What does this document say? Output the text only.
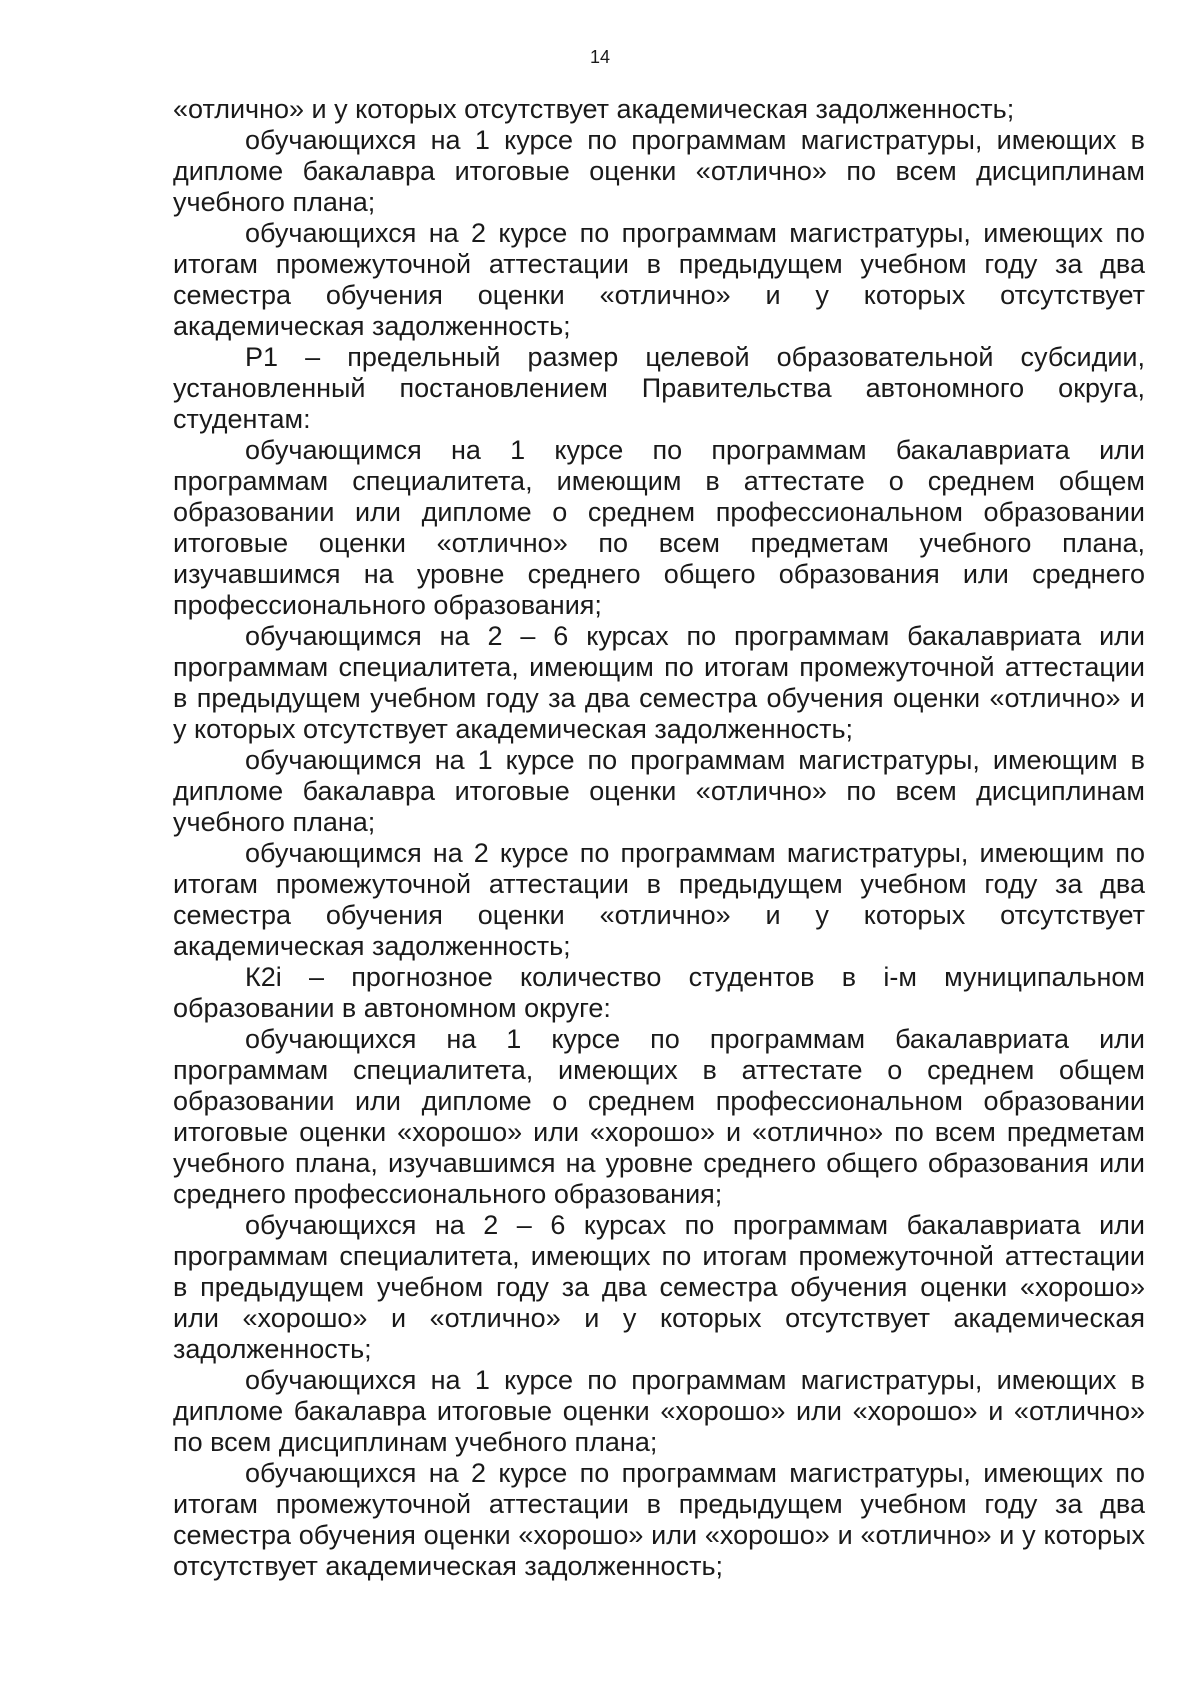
14

«отлично» и у которых отсутствует академическая задолженность;

обучающихся на 1 курсе по программам магистратуры, имеющих в дипломе бакалавра итоговые оценки «отлично» по всем дисциплинам учебного плана;

обучающихся на 2 курсе по программам магистратуры, имеющих по итогам промежуточной аттестации в предыдущем учебном году за два семестра обучения оценки «отлично» и у которых отсутствует академическая задолженность;

P1 – предельный размер целевой образовательной субсидии, установленный постановлением Правительства автономного округа, студентам:

обучающимся на 1 курсе по программам бакалавриата или программам специалитета, имеющим в аттестате о среднем общем образовании или дипломе о среднем профессиональном образовании итоговые оценки «отлично» по всем предметам учебного плана, изучавшимся на уровне среднего общего образования или среднего профессионального образования;

обучающимся на 2 – 6 курсах по программам бакалавриата или программам специалитета, имеющим по итогам промежуточной аттестации в предыдущем учебном году за два семестра обучения оценки «отлично» и у которых отсутствует академическая задолженность;

обучающимся на 1 курсе по программам магистратуры, имеющим в дипломе бакалавра итоговые оценки «отлично» по всем дисциплинам учебного плана;

обучающимся на 2 курсе по программам магистратуры, имеющим по итогам промежуточной аттестации в предыдущем учебном году за два семестра обучения оценки «отлично» и у которых отсутствует академическая задолженность;

К2i – прогнозное количество студентов в i-м муниципальном образовании в автономном округе:

обучающихся на 1 курсе по программам бакалавриата или программам специалитета, имеющих в аттестате о среднем общем образовании или дипломе о среднем профессиональном образовании итоговые оценки «хорошо» или «хорошо» и «отлично» по всем предметам учебного плана, изучавшимся на уровне среднего общего образования или среднего профессионального образования;

обучающихся на 2 – 6 курсах по программам бакалавриата или программам специалитета, имеющих по итогам промежуточной аттестации в предыдущем учебном году за два семестра обучения оценки «хорошо» или «хорошо» и «отлично» и у которых отсутствует академическая задолженность;

обучающихся на 1 курсе по программам магистратуры, имеющих в дипломе бакалавра итоговые оценки «хорошо» или «хорошо» и «отлично» по всем дисциплинам учебного плана;

обучающихся на 2 курсе по программам магистратуры, имеющих по итогам промежуточной аттестации в предыдущем учебном году за два семестра обучения оценки «хорошо» или «хорошо» и «отлично» и у которых отсутствует академическая задолженность;
